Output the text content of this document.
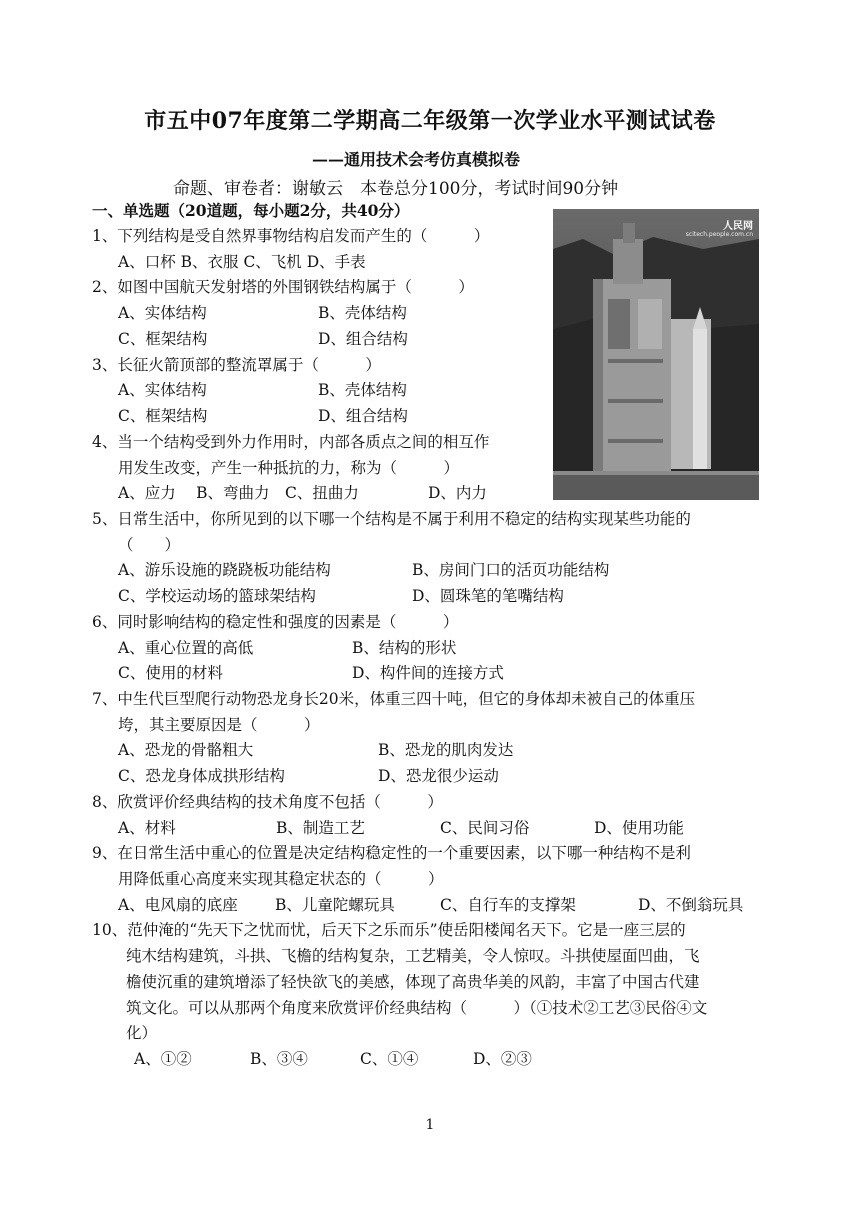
市五中07年度第二学期高二年级第一次学业水平测试试卷
——通用技术会考仿真模拟卷
命题、审卷者：谢敏云　本卷总分100分，考试时间90分钟
一、单选题（20道题，每小题2分，共40分）
人民网
scitech.people.com.cn
1、下列结构是受自然界事物结构启发而产生的（　　　）
A、口杯 B、衣服 C、飞机 D、手表
2、如图中国航天发射塔的外围钢铁结构属于（　　　）
A、实体结构	B、壳体结构
C、框架结构	D、组合结构
3、长征火箭顶部的整流罩属于（　　　）
A、实体结构	B、壳体结构
C、框架结构	D、组合结构
4、当一个结构受到外力作用时，内部各质点之间的相互作
用发生改变，产生一种抵抗的力，称为（　　　）
A、应力　 B、弯曲力　C、扭曲力	D、内力
5、日常生活中，你所见到的以下哪一个结构是不属于利用不稳定的结构实现某些功能的
（　　）
A、游乐设施的跷跷板功能结构	B、房间门口的活页功能结构
C、学校运动场的篮球架结构	D、圆珠笔的笔嘴结构
6、同时影响结构的稳定性和强度的因素是（　　　）
A、重心位置的高低	B、结构的形状
C、使用的材料	D、构件间的连接方式
7、中生代巨型爬行动物恐龙身长20米，体重三四十吨，但它的身体却未被自己的体重压
垮，其主要原因是（　　　）
A、恐龙的骨骼粗大	B、恐龙的肌肉发达
C、恐龙身体成拱形结构	D、恐龙很少运动
8、欣赏评价经典结构的技术角度不包括（　　　）
A、材料	B、制造工艺	C、民间习俗	D、使用功能
9、在日常生活中重心的位置是决定结构稳定性的一个重要因素，以下哪一种结构不是利
用降低重心高度来实现其稳定状态的（　　　）
A、电风扇的底座 B、儿童陀螺玩具	C、自行车的支撑架	D、不倒翁玩具
10、范仲淹的“先天下之忧而忧，后天下之乐而乐”使岳阳楼闻名天下。它是一座三层的
纯木结构建筑，斗拱、飞檐的结构复杂，工艺精美，令人惊叹。斗拱使屋面凹曲，飞
檐使沉重的建筑增添了轻快欲飞的美感，体现了高贵华美的风韵，丰富了中国古代建
筑文化。可以从那两个角度来欣赏评价经典结构（　　　）（①技术②工艺③民俗④文
化）
A、①②	B、③④	C、①④	D、②③
1
